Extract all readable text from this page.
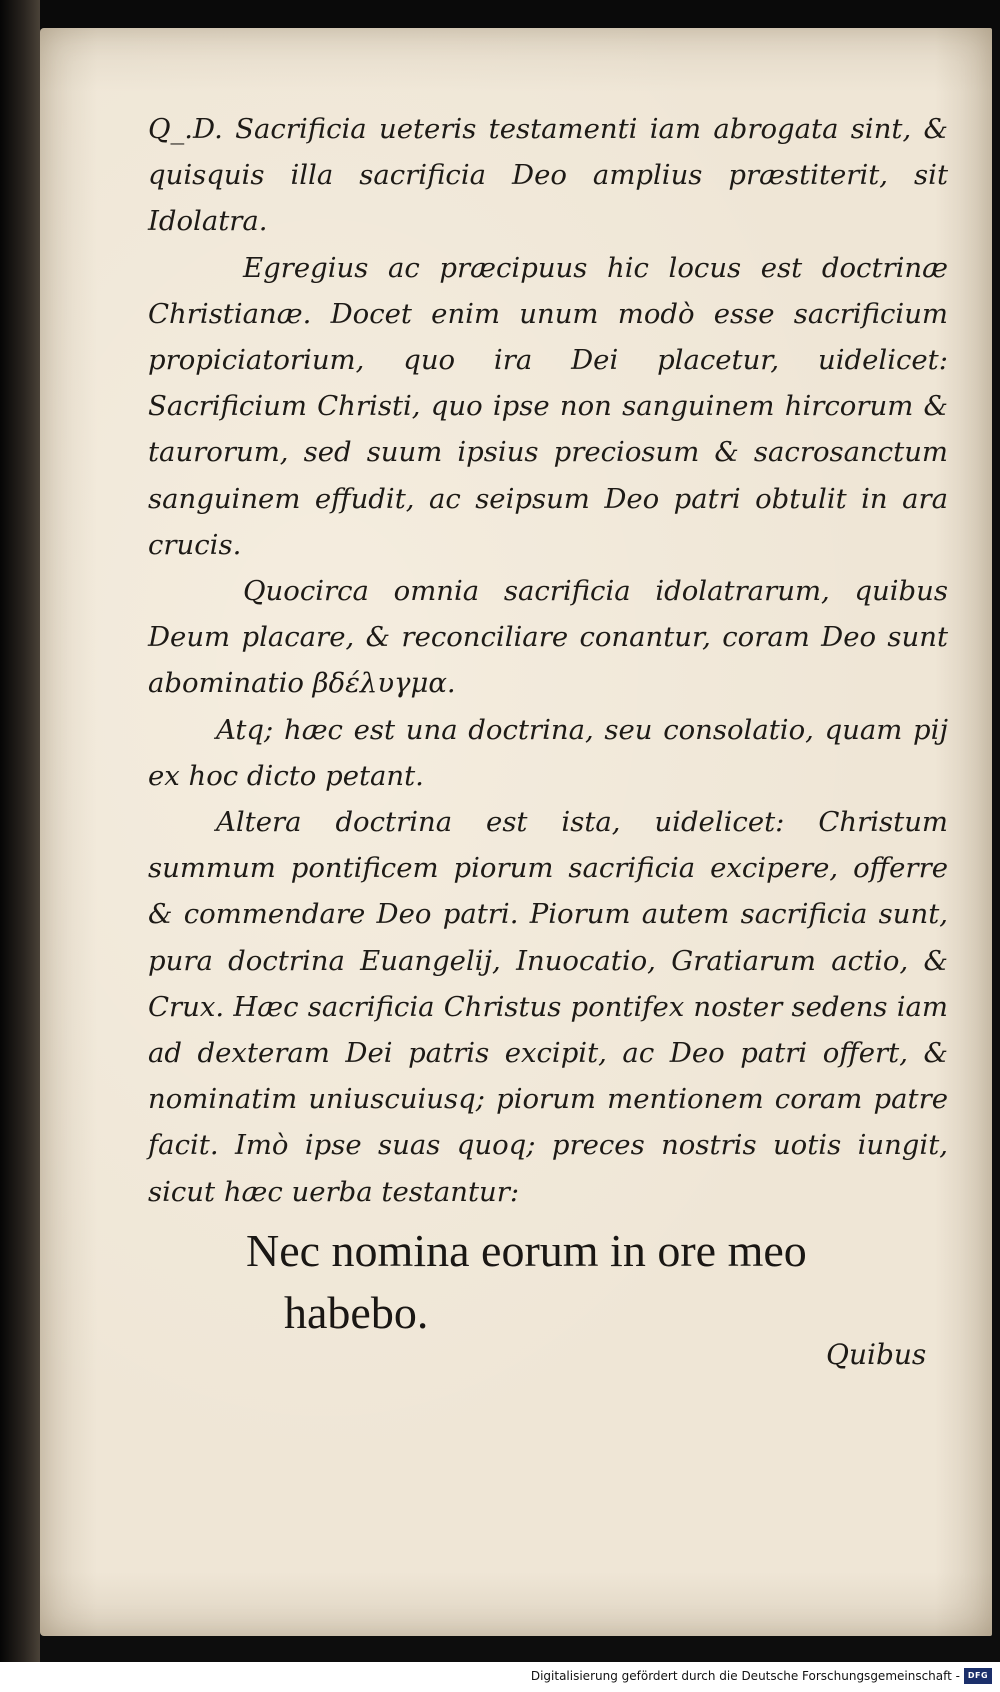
Q_.D. Sacrificia ueteris testamenti iam abrogata sint, & quisquis illa sacrificia Deo amplius præstiterit, sit Idolatra.

Egregius ac præcipuus hic locus est doctrinæ Christianæ. Docet enim unum modò esse sacrificium propiciatorium, quo ira Dei placetur, uidelicet: Sacrificium Christi, quo ipse non sanguinem hircorum & taurorum, sed suum ipsius preciosum & sacrosanctum sanguinem effudit, ac seipsum Deo patri obtulit in ara crucis.

Quocirca omnia sacrificia idolatrarum, quibus Deum placare, & reconciliare conantur, coram Deo sunt abominatio βδέλυγμα.

Atq; hæc est una doctrina, seu consolatio, quam pij ex hoc dicto petant.

Altera doctrina est ista, uidelicet: Christum summum pontificem piorum sacrificia excipere, offerre & commendare Deo patri. Piorum autem sacrificia sunt, pura doctrina Euangelij, Inuocatio, Gratiarum actio, & Crux. Hæc sacrificia Christus pontifex noster sedens iam ad dexteram Dei patris excipit, ac Deo patri offert, & nominatim uniuscuiusq; piorum mentionem coram patre facit. Imò ipse suas quoq; preces nostris uotis iungit, sicut hæc uerba testantur:

Nec nomina eorum in ore meo
habebo.
Quibus
Digitalisierung gefördert durch die Deutsche Forschungsgemeinschaft - DFG
